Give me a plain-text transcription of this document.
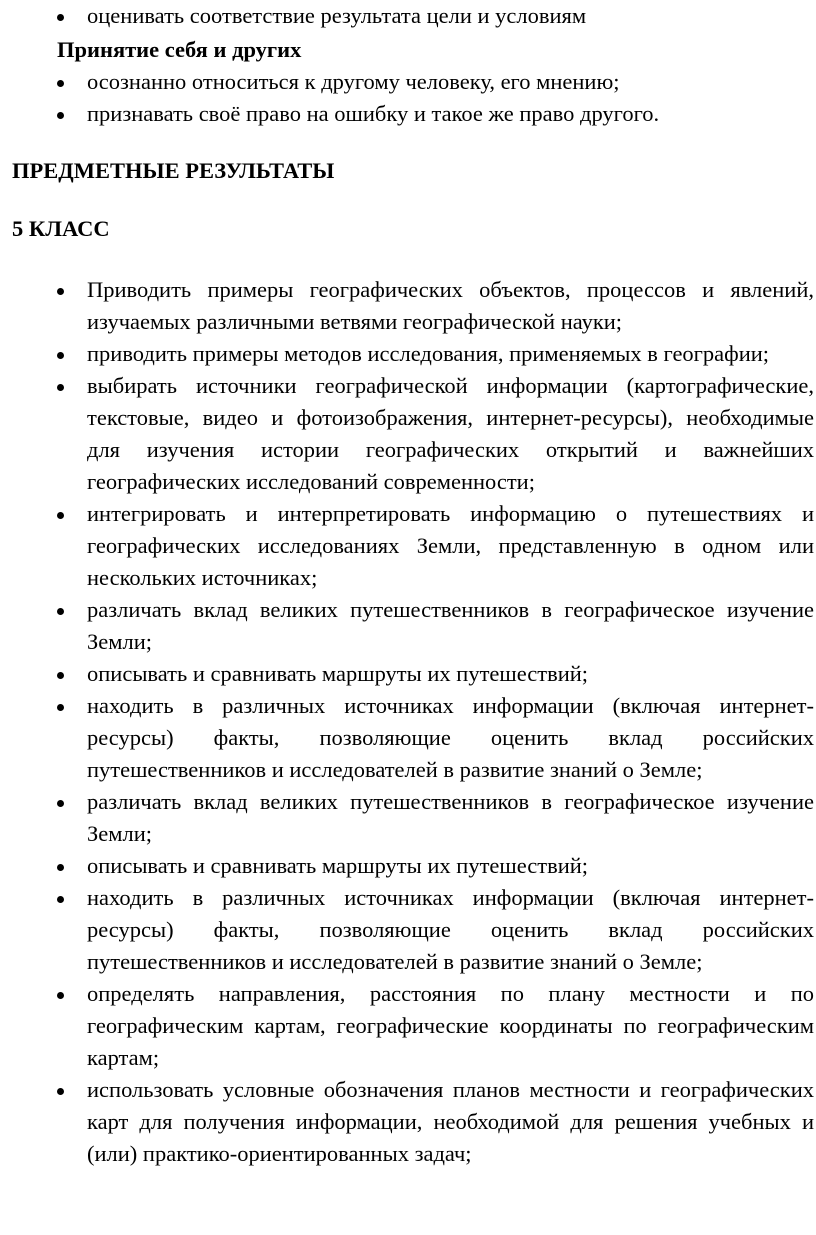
оценивать соответствие результата цели и условиям
Принятие себя и других
осознанно относиться к другому человеку, его мнению;
признавать своё право на ошибку и такое же право другого.
ПРЕДМЕТНЫЕ РЕЗУЛЬТАТЫ
5 КЛАСС
Приводить примеры географических объектов, процессов и явлений, изучаемых различными ветвями географической науки;
приводить примеры методов исследования, применяемых в географии;
выбирать источники географической информации (картографические, текстовые, видео и фотоизображения, интернет-ресурсы), необходимые для изучения истории географических открытий и важнейших географических исследований современности;
интегрировать и интерпретировать информацию о путешествиях и географических исследованиях Земли, представленную в одном или нескольких источниках;
различать вклад великих путешественников в географическое изучение Земли;
описывать и сравнивать маршруты их путешествий;
находить в различных источниках информации (включая интернет-ресурсы) факты, позволяющие оценить вклад российских путешественников и исследователей в развитие знаний о Земле;
различать вклад великих путешественников в географическое изучение Земли;
описывать и сравнивать маршруты их путешествий;
находить в различных источниках информации (включая интернет-ресурсы) факты, позволяющие оценить вклад российских путешественников и исследователей в развитие знаний о Земле;
определять направления, расстояния по плану местности и по географическим картам, географические координаты по географическим картам;
использовать условные обозначения планов местности и географических карт для получения информации, необходимой для решения учебных и (или) практико-ориентированных задач;
